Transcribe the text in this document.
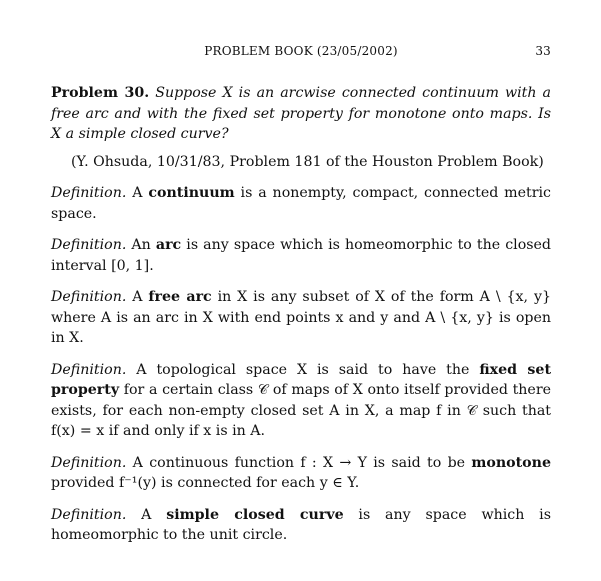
PROBLEM BOOK (23/05/2002)	33

Problem 30. Suppose X is an arcwise connected continuum with a free arc and with the fixed set property for monotone onto maps. Is X a simple closed curve?

(Y. Ohsuda, 10/31/83, Problem 181 of the Houston Problem Book)

Definition. A continuum is a nonempty, compact, connected metric space.

Definition. An arc is any space which is homeomorphic to the closed interval [0, 1].

Definition. A free arc in X is any subset of X of the form A \ {x, y} where A is an arc in X with end points x and y and A \ {x, y} is open in X.

Definition. A topological space X is said to have the fixed set property for a certain class 𝒞 of maps of X onto itself provided there exists, for each non-empty closed set A in X, a map f in 𝒞 such that f(x) = x if and only if x is in A.

Definition. A continuous function f : X → Y is said to be monotone provided f⁻¹(y) is connected for each y ∈ Y.

Definition. A simple closed curve is any space which is homeomorphic to the unit circle.
